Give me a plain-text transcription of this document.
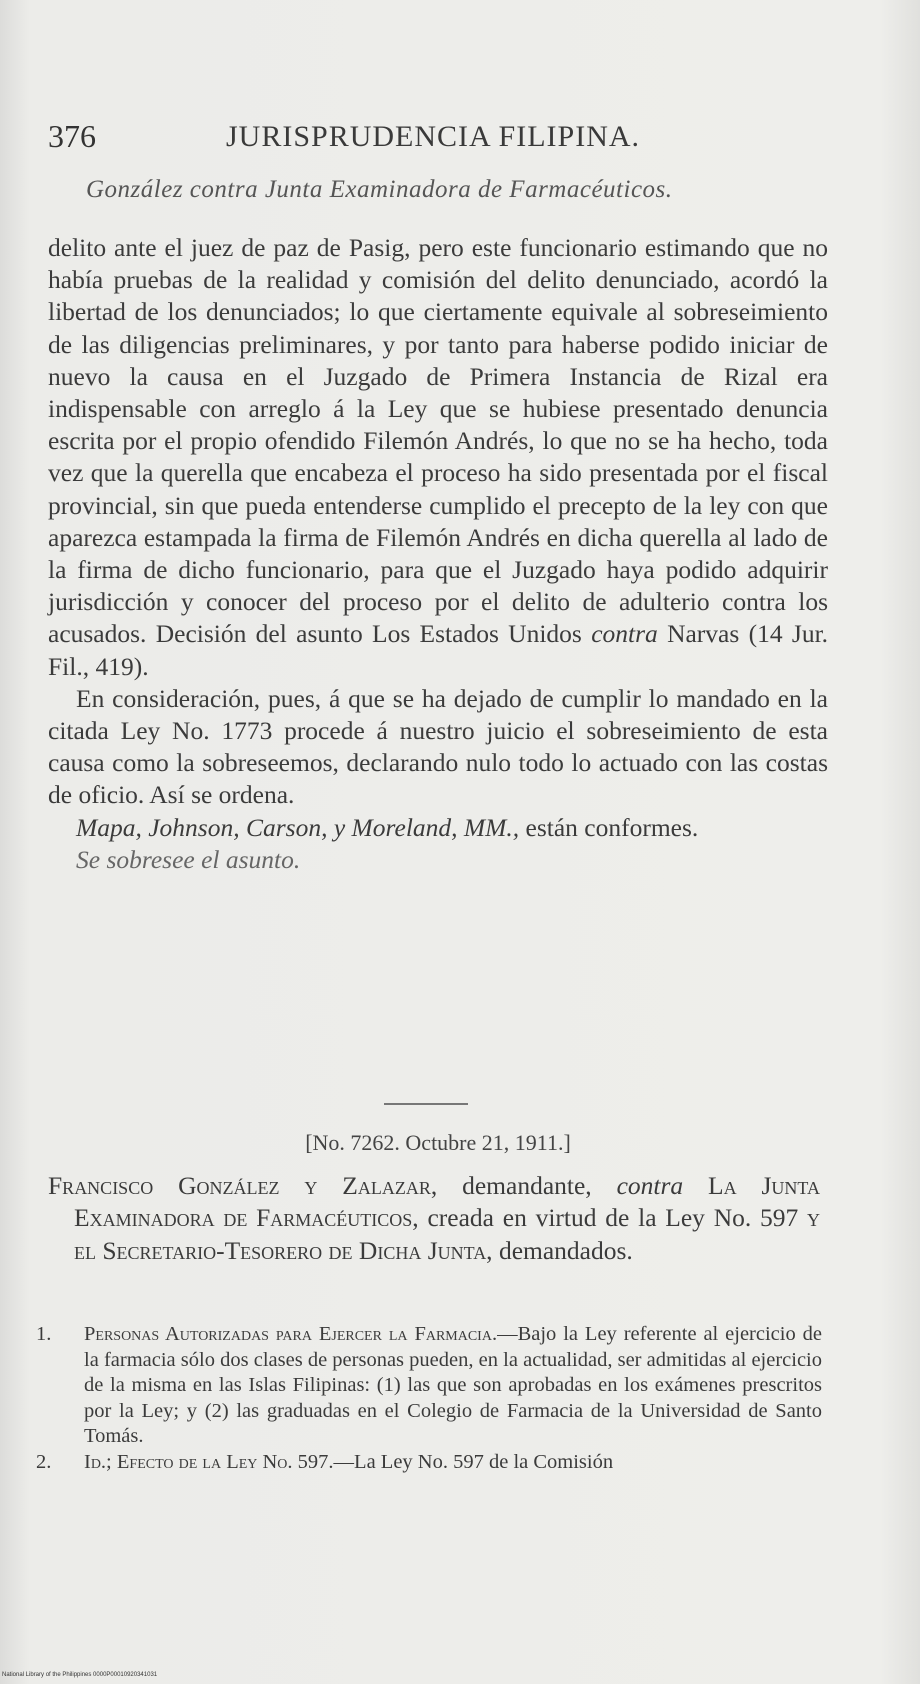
376	JURISPRUDENCIA FILIPINA.
González contra Junta Examinadora de Farmacéuticos.

delito ante el juez de paz de Pasig, pero este funcionario estimando que no había pruebas de la realidad y comisión del delito denunciado, acordó la libertad de los denunciados; lo que ciertamente equivale al sobreseimiento de las diligencias preliminares, y por tanto para haberse podido iniciar de nuevo la causa en el Juzgado de Primera Instancia de Rizal era indispensable con arreglo á la Ley que se hubiese presentado denuncia escrita por el propio ofendido Filemón Andrés, lo que no se ha hecho, toda vez que la querella que encabeza el proceso ha sido presentada por el fiscal provincial, sin que pueda entenderse cumplido el precepto de la ley con que aparezca estampada la firma de Filemón Andrés en dicha querella al lado de la firma de dicho funcionario, para que el Juzgado haya podido adquirir jurisdicción y conocer del proceso por el delito de adulterio contra los acusados. Decisión del asunto Los Estados Unidos contra Narvas (14 Jur. Fil., 419).

En consideración, pues, á que se ha dejado de cumplir lo mandado en la citada Ley No. 1773 procede á nuestro juicio el sobreseimiento de esta causa como la sobreseemos, declarando nulo todo lo actuado con las costas de oficio. Así se ordena.

Mapa, Johnson, Carson, y Moreland, MM., están conformes.

Se sobresee el asunto.

[No. 7262. Octubre 21, 1911.]

Francisco González y Zalazar, demandante, contra La Junta Examinadora de Farmacéuticos, creada en virtud de la Ley No. 597 y el Secretario-Tesorero de Dicha Junta, demandados.

1. Personas Autorizadas para Ejercer la Farmacia.—Bajo la Ley referente al ejercicio de la farmacia sólo dos clases de personas pueden, en la actualidad, ser admitidas al ejercicio de la misma en las Islas Filipinas: (1) las que son aprobadas en los exámenes prescritos por la Ley; y (2) las graduadas en el Colegio de Farmacia de la Universidad de Santo Tomás.

2. Id.; Efecto de la Ley No. 597.—La Ley No. 597 de la Comisión

National Library of the Philippines 0000P00010920341031
